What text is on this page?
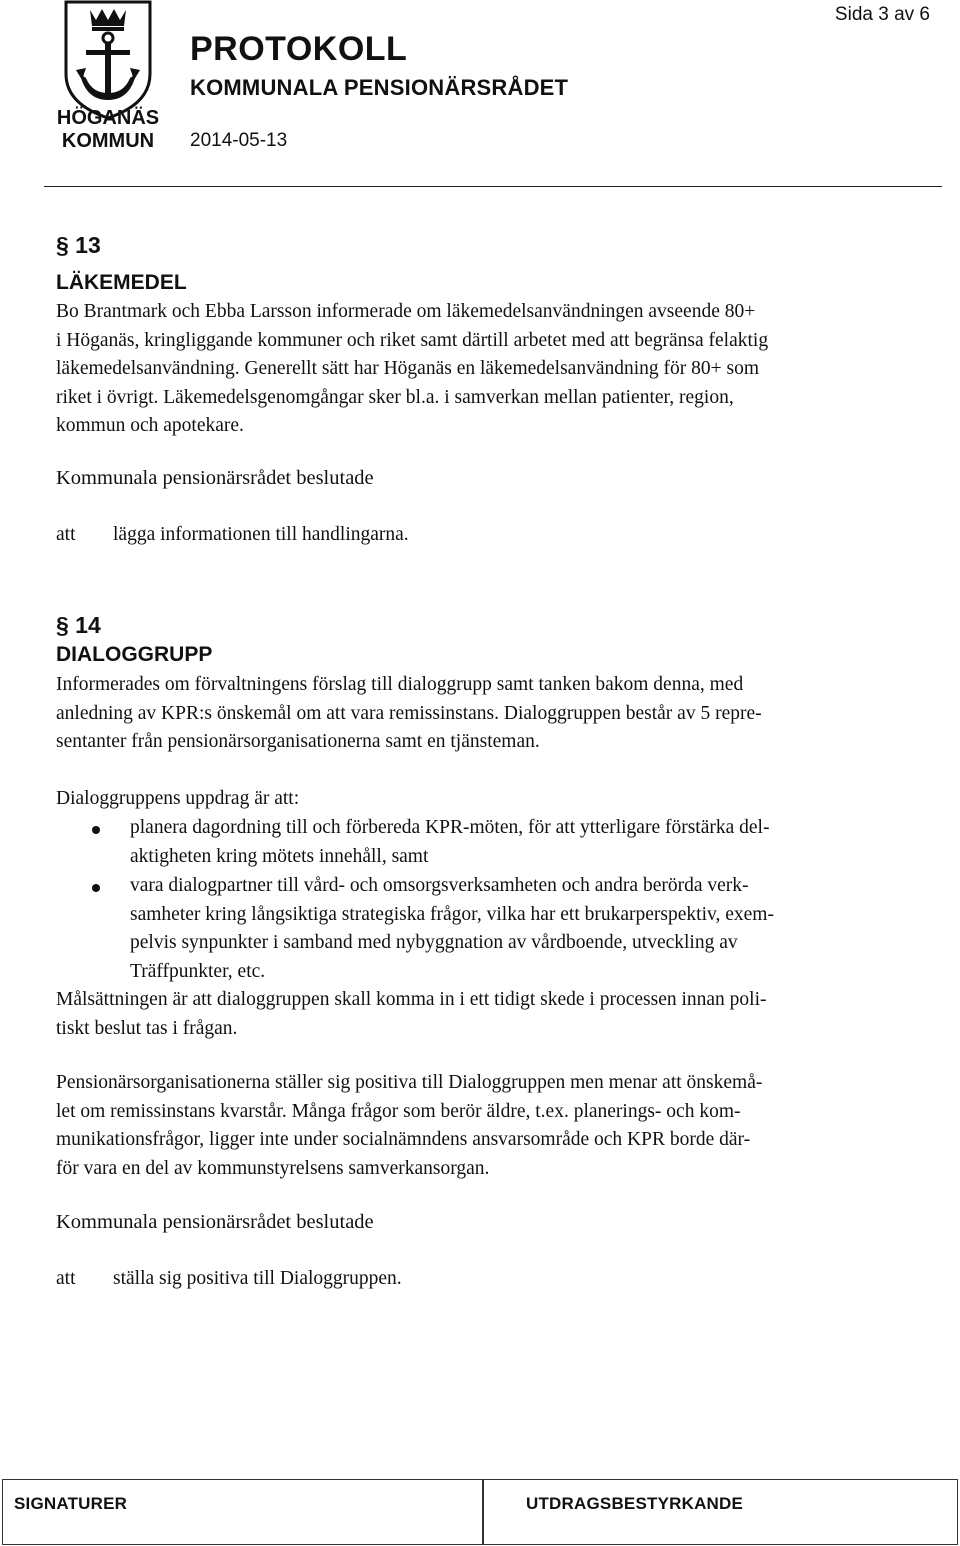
Sida 3 av 6
HÖGANÄS
KOMMUN
PROTOKOLL
KOMMUNALA PENSIONÄRSRÅDET
2014-05-13
§ 13
LÄKEMEDEL
Bo Brantmark och Ebba Larsson informerade om läkemedelsanvändningen avseende 80+
i Höganäs, kringliggande kommuner och riket samt därtill arbetet med att begränsa felaktig
läkemedelsanvändning. Generellt sätt har Höganäs en läkemedelsanvändning för 80+ som
riket i övrigt. Läkemedelsgenomgångar sker bl.a. i samverkan mellan patienter, region,
kommun och apotekare.
Kommunala pensionärsrådet beslutade
att lägga informationen till handlingarna.
§ 14
DIALOGGRUPP
Informerades om förvaltningens förslag till dialoggrupp samt tanken bakom denna, med
anledning av KPR:s önskemål om att vara remissinstans. Dialoggruppen består av 5 repre-
sentanter från pensionärsorganisationerna samt en tjänsteman.
Dialoggruppens uppdrag är att:
planera dagordning till och förbereda KPR-möten, för att ytterligare förstärka del-
aktigheten kring mötets innehåll, samt
vara dialogpartner till vård- och omsorgsverksamheten och andra berörda verk-
samheter kring långsiktiga strategiska frågor, vilka har ett brukarperspektiv, exem-
pelvis synpunkter i samband med nybyggnation av vårdboende, utveckling av
Träffpunkter, etc.
Målsättningen är att dialoggruppen skall komma in i ett tidigt skede i processen innan poli-
tiskt beslut tas i frågan.
Pensionärsorganisationerna ställer sig positiva till Dialoggruppen men menar att önskemå-
let om remissinstans kvarstår. Många frågor som berör äldre, t.ex. planerings- och kom-
munikationsfrågor, ligger inte under socialnämndens ansvarsområde och KPR borde där-
för vara en del av kommunstyrelsens samverkansorgan.
Kommunala pensionärsrådet beslutade
att ställa sig positiva till Dialoggruppen.
SIGNATURER	UTDRAGSBESTYRKANDE
